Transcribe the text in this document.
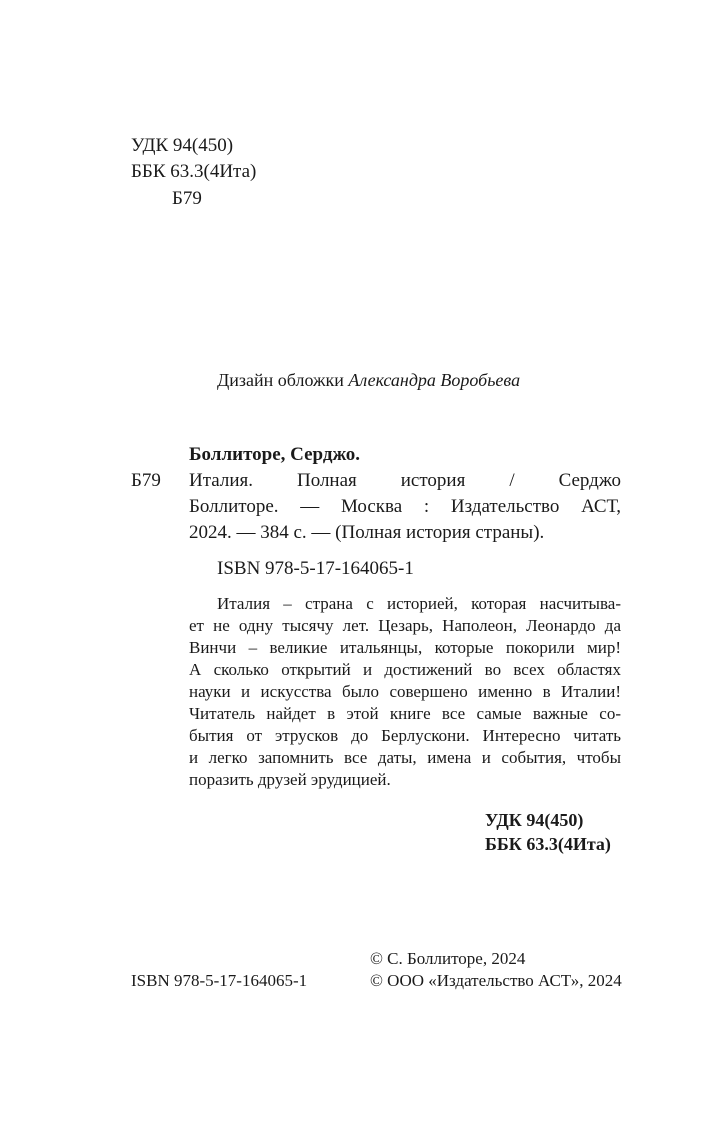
УДК 94(450)
ББК 63.3(4Ита)
Б79
Дизайн обложки Александра Воробьева
Боллиторе, Серджо.
Б79 Италия. Полная история / Серджо
Боллиторе. — Москва : Издательство АСТ,
2024. — 384 с. — (Полная история страны).
ISBN 978-5-17-164065-1

Италия – страна с историей, которая насчитыва-

ет не одну тысячу лет. Цезарь, Наполеон, Леонардо да

Винчи – великие итальянцы, которые покорили мир!

А сколько открытий и достижений во всех областях

науки и искусства было совершено именно в Италии!

Читатель найдет в этой книге все самые важные со-

бытия от этрусков до Берлускони. Интересно читать

и легко запомнить все даты, имена и события, чтобы

поразить друзей эрудицией.

УДК 94(450)
ББК 63.3(4Ита)
© С. Боллиторе, 2024
ISBN 978-5-17-164065-1	© ООО «Издательство АСТ», 2024
